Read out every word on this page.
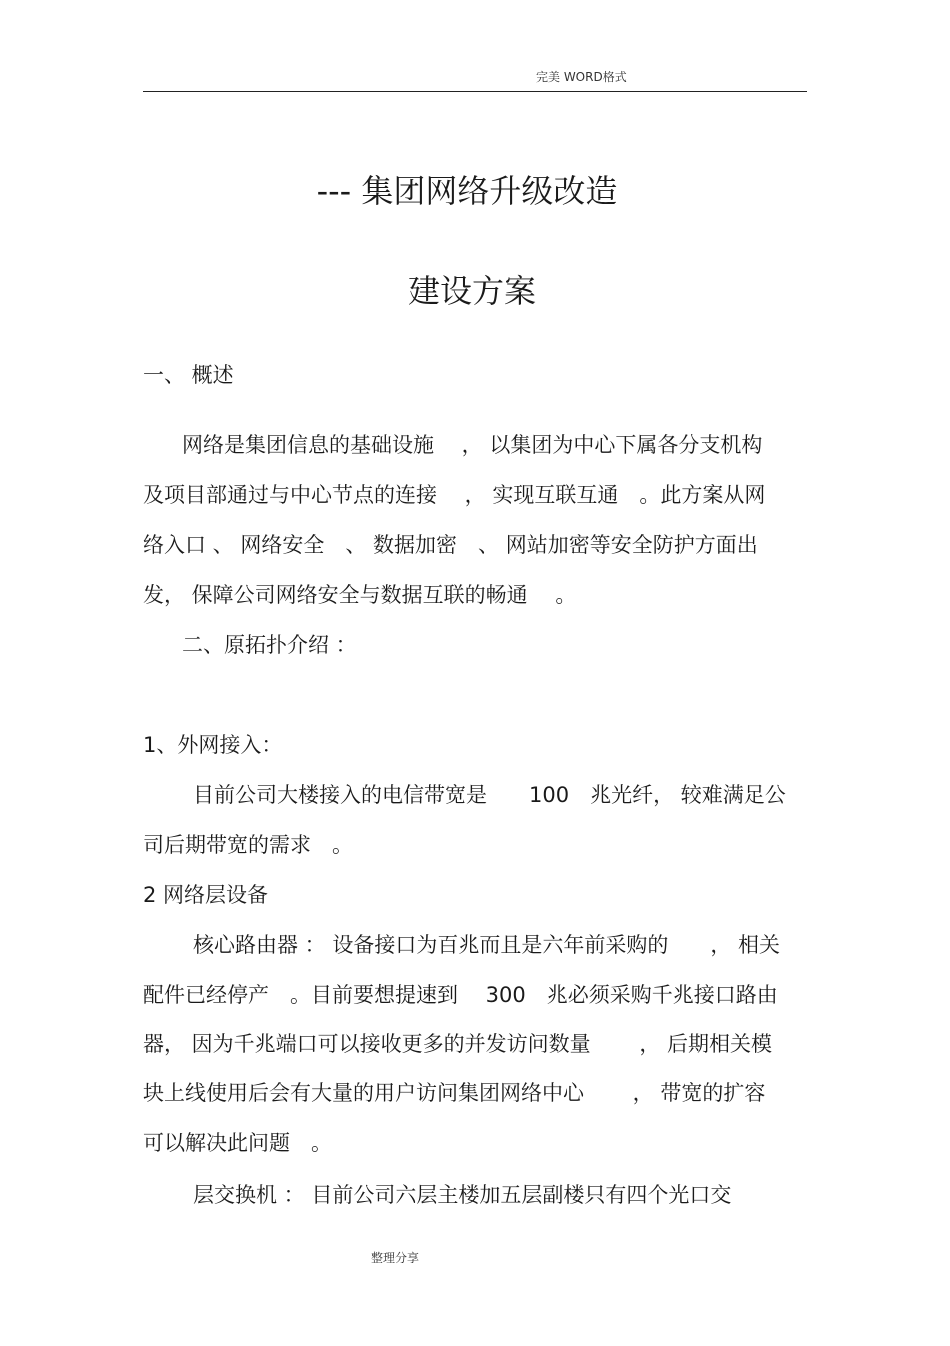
完美 WORD格式
--- 集团网络升级改造
建设方案

一、 概述

网络是集团信息的基础设施　 ， 以集团为中心下属各分支机构

及项目部通过与中心节点的连接　 ， 实现互联互通　。此方案从网

络入口 、 网络安全　、 数据加密　、 网站加密等安全防护方面出

发， 保障公司网络安全与数据互联的畅通　 。

二、原拓扑介绍 ：

1、外网接入：

目前公司大楼接入的电信带宽是　　100　兆光纤， 较难满足公

司后期带宽的需求　。

2 网络层设备

核心路由器 ： 设备接口为百兆而且是六年前采购的　　， 相关

配件已经停产　。目前要想提速到　 300　兆必须采购千兆接口路由

器， 因为千兆端口可以接收更多的并发访问数量　　 ， 后期相关模

块上线使用后会有大量的用户访问集团网络中心　　 ， 带宽的扩容

可以解决此问题　。

层交换机 ： 目前公司六层主楼加五层副楼只有四个光口交

整理分享
